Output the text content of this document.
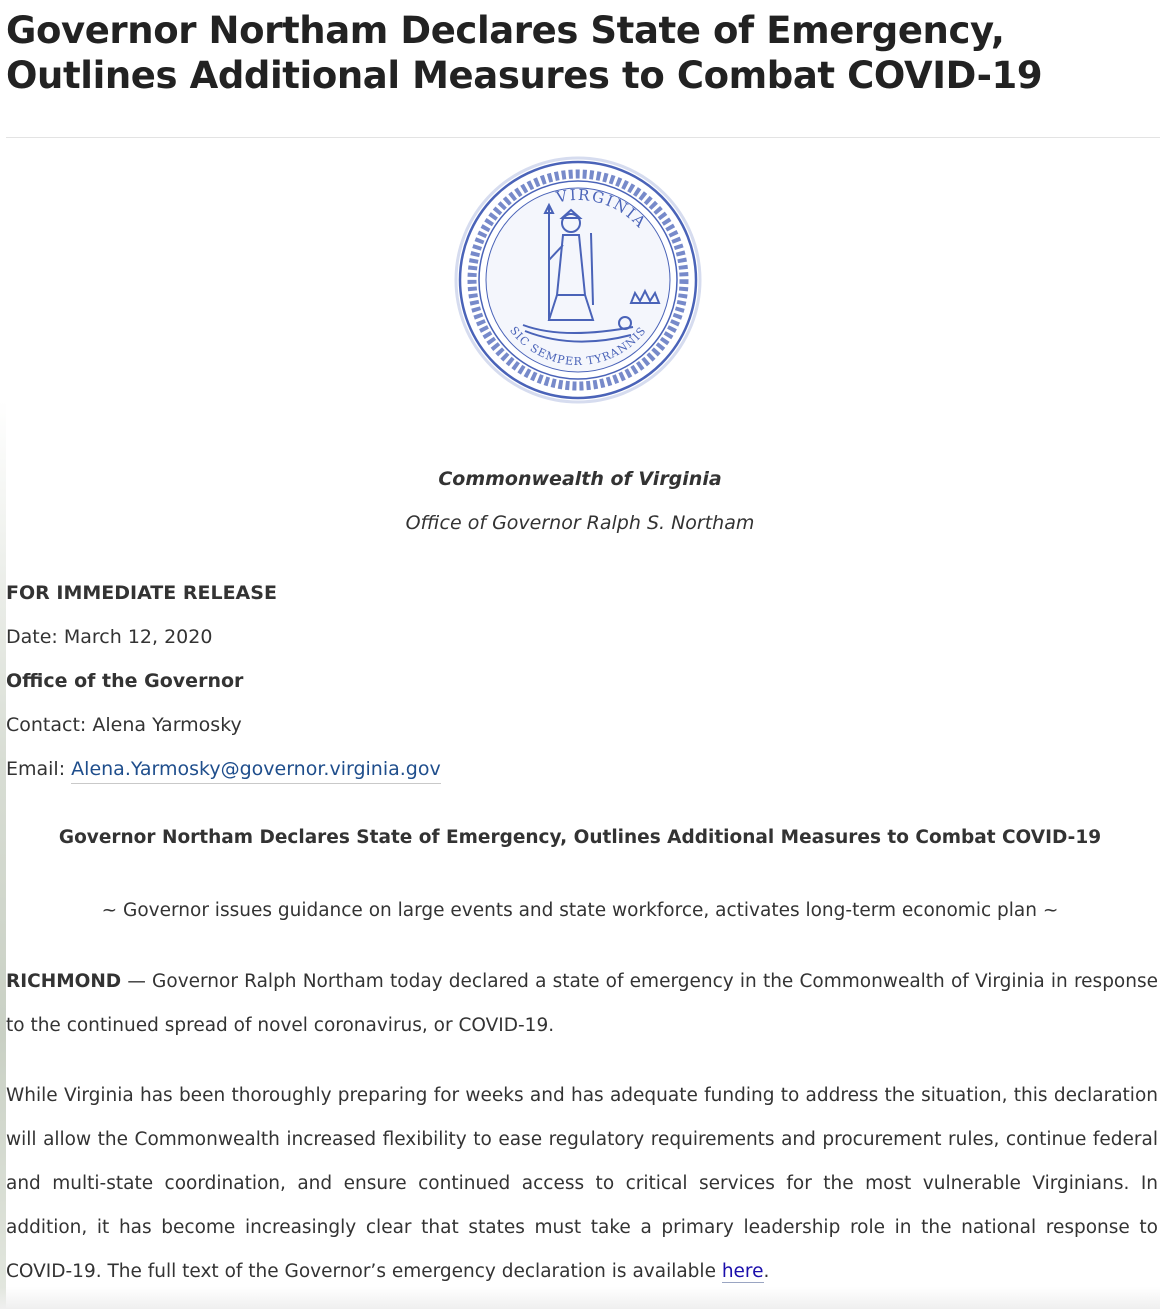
Governor Northam Declares State of Emergency, Outlines Additional Measures to Combat COVID-19
VIRGINIA
SIC SEMPER TYRANNIS
Commonwealth of Virginia
Office of Governor Ralph S. Northam
FOR IMMEDIATE RELEASE
Date: March 12, 2020
Office of the Governor
Contact: Alena Yarmosky
Email: Alena.Yarmosky@governor.virginia.gov
Governor Northam Declares State of Emergency, Outlines Additional Measures to Combat COVID-19
~ Governor issues guidance on large events and state workforce, activates long-term economic plan ~

RICHMOND — Governor Ralph Northam today declared a state of emergency in the Commonwealth of Virginia in response to the continued spread of novel coronavirus, or COVID-19.

While Virginia has been thoroughly preparing for weeks and has adequate funding to address the situation, this declaration will allow the Commonwealth increased flexibility to ease regulatory requirements and procurement rules, continue federal and multi-state coordination, and ensure continued access to critical services for the most vulnerable Virginians. In addition, it has become increasingly clear that states must take a primary leadership role in the national response to COVID-19. The full text of the Governor’s emergency declaration is available here.
